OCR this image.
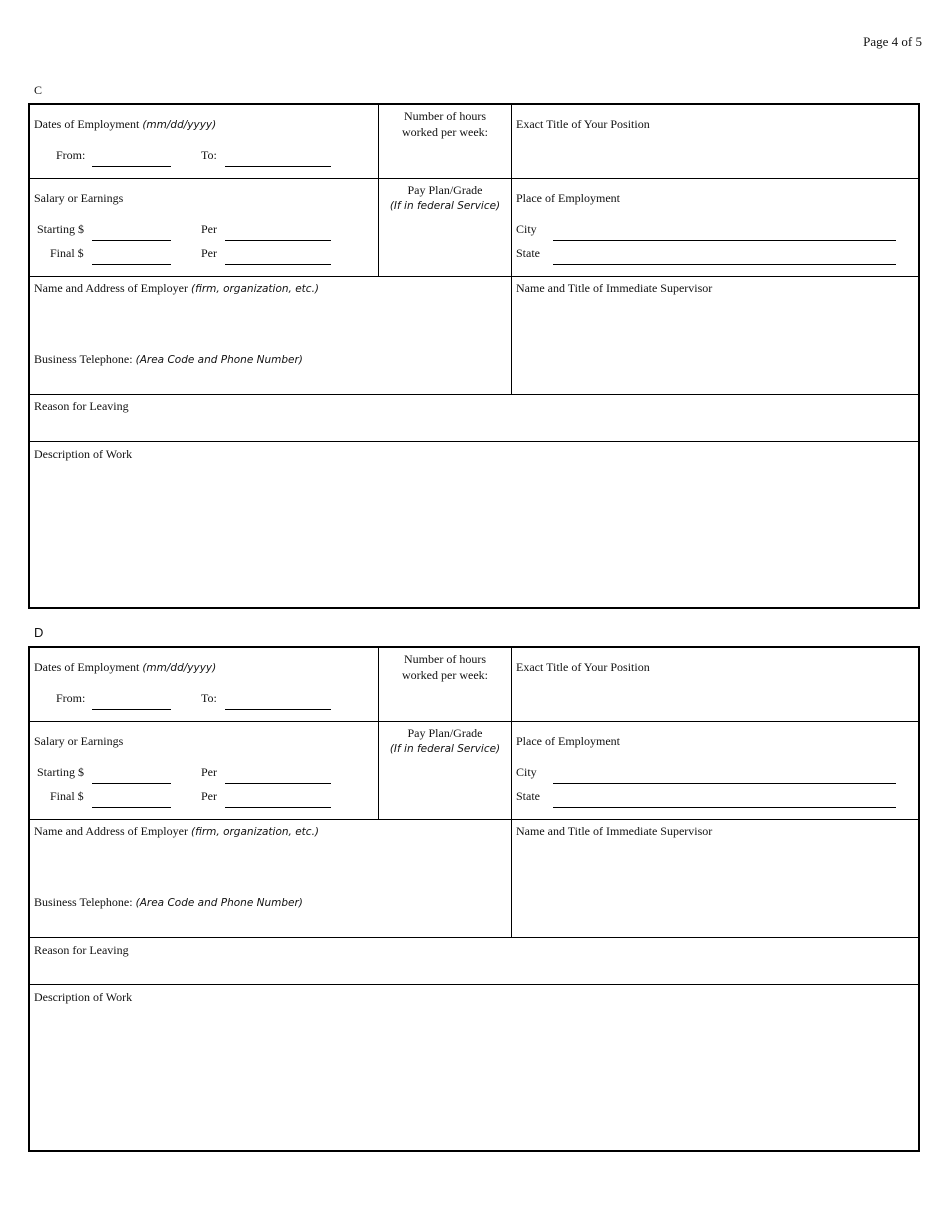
Page 4 of 5
C
Dates of Employment (mm/dd/yyyy)
From:	To:
Number of hours
worked per week:
Exact Title of Your Position
Salary or Earnings
Starting $	Per
Final $	Per
Pay Plan/Grade
(If in federal Service)
Place of Employment
City
State
Name and Address of Employer (firm, organization, etc.)
Business Telephone: (Area Code and Phone Number)
Name and Title of Immediate Supervisor
Reason for Leaving
Description of Work
D
Dates of Employment (mm/dd/yyyy)
From:	To:
Number of hours
worked per week:
Exact Title of Your Position
Salary or Earnings
Starting $	Per
Final $	Per
Pay Plan/Grade
(If in federal Service)
Place of Employment
City
State
Name and Address of Employer (firm, organization, etc.)
Business Telephone: (Area Code and Phone Number)
Name and Title of Immediate Supervisor
Reason for Leaving
Description of Work
